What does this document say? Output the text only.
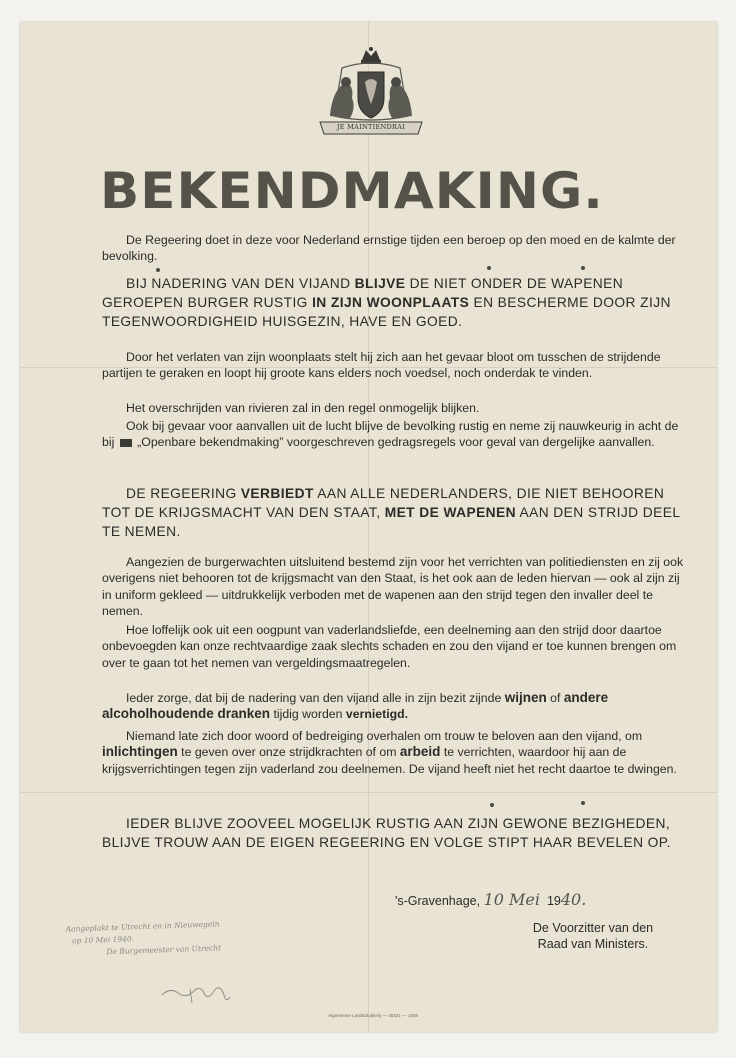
JE MAINTIENDRAI
BEKENDMAKING.
De Regeering doet in deze voor Nederland ernstige tijden een beroep op den moed en de kalmte der bevolking.
BIJ NADERING VAN DEN VIJAND BLIJVE DE NIET ONDER DE WAPENEN GEROEPEN BURGER RUSTIG IN ZIJN WOONPLAATS EN BESCHERME DOOR ZIJN TEGENWOORDIGHEID HUISGEZIN, HAVE EN GOED.
Door het verlaten van zijn woonplaats stelt hij zich aan het gevaar bloot om tusschen de strijdende partijen te geraken en loopt hij groote kans elders noch voedsel, noch onderdak te vinden.
Het overschrijden van rivieren zal in den regel onmogelijk blijken.
Ook bij gevaar voor aanvallen uit de lucht blijve de bevolking rustig en neme zij nauwkeurig in acht de bij „Openbare bekendmaking” voorgeschreven gedragsregels voor geval van dergelijke aanvallen.
DE REGEERING VERBIEDT AAN ALLE NEDERLANDERS, DIE NIET BEHOOREN TOT DE KRIJGSMACHT VAN DEN STAAT, MET DE WAPENEN AAN DEN STRIJD DEEL TE NEMEN.
Aangezien de burgerwachten uitsluitend bestemd zijn voor het verrichten van politiediensten en zij ook overigens niet behooren tot de krijgsmacht van den Staat, is het ook aan de leden hiervan — ook al zijn zij in uniform gekleed — uitdrukkelijk verboden met de wapenen aan den strijd tegen den invaller deel te nemen.
Hoe loffelijk ook uit een oogpunt van vaderlandsliefde, een deelneming aan den strijd door daartoe onbevoegden kan onze rechtvaardige zaak slechts schaden en zou den vijand er toe kunnen brengen om over te gaan tot het nemen van vergeldingsmaatregelen.
Ieder zorge, dat bij de nadering van den vijand alle in zijn bezit zijnde wijnen of andere alcoholhoudende dranken tijdig worden vernietigd.
Niemand late zich door woord of bedreiging overhalen om trouw te beloven aan den vijand, om inlichtingen te geven over onze strijdkrachten of om arbeid te verrichten, waardoor hij aan de krijgsverrichtingen tegen zijn vaderland zou deelnemen. De vijand heeft niet het recht daartoe te dwingen.
IEDER BLIJVE ZOOVEEL MOGELIJK RUSTIG AAN ZIJN GEWONE BEZIGHEDEN, BLIJVE TROUW AAN DE EIGEN REGEERING EN VOLGE STIPT HAAR BEVELEN OP.
's-Gravenhage, 10 Mei 1940.
De Voorzitter van den
Raad van Ministers.
Aangeplakt te Utrecht en in Nieuwegein
op 10 Mei 1940.
De Burgemeester van Utrecht
Algemeene Landsdrukkerij — 40421 — 1939
